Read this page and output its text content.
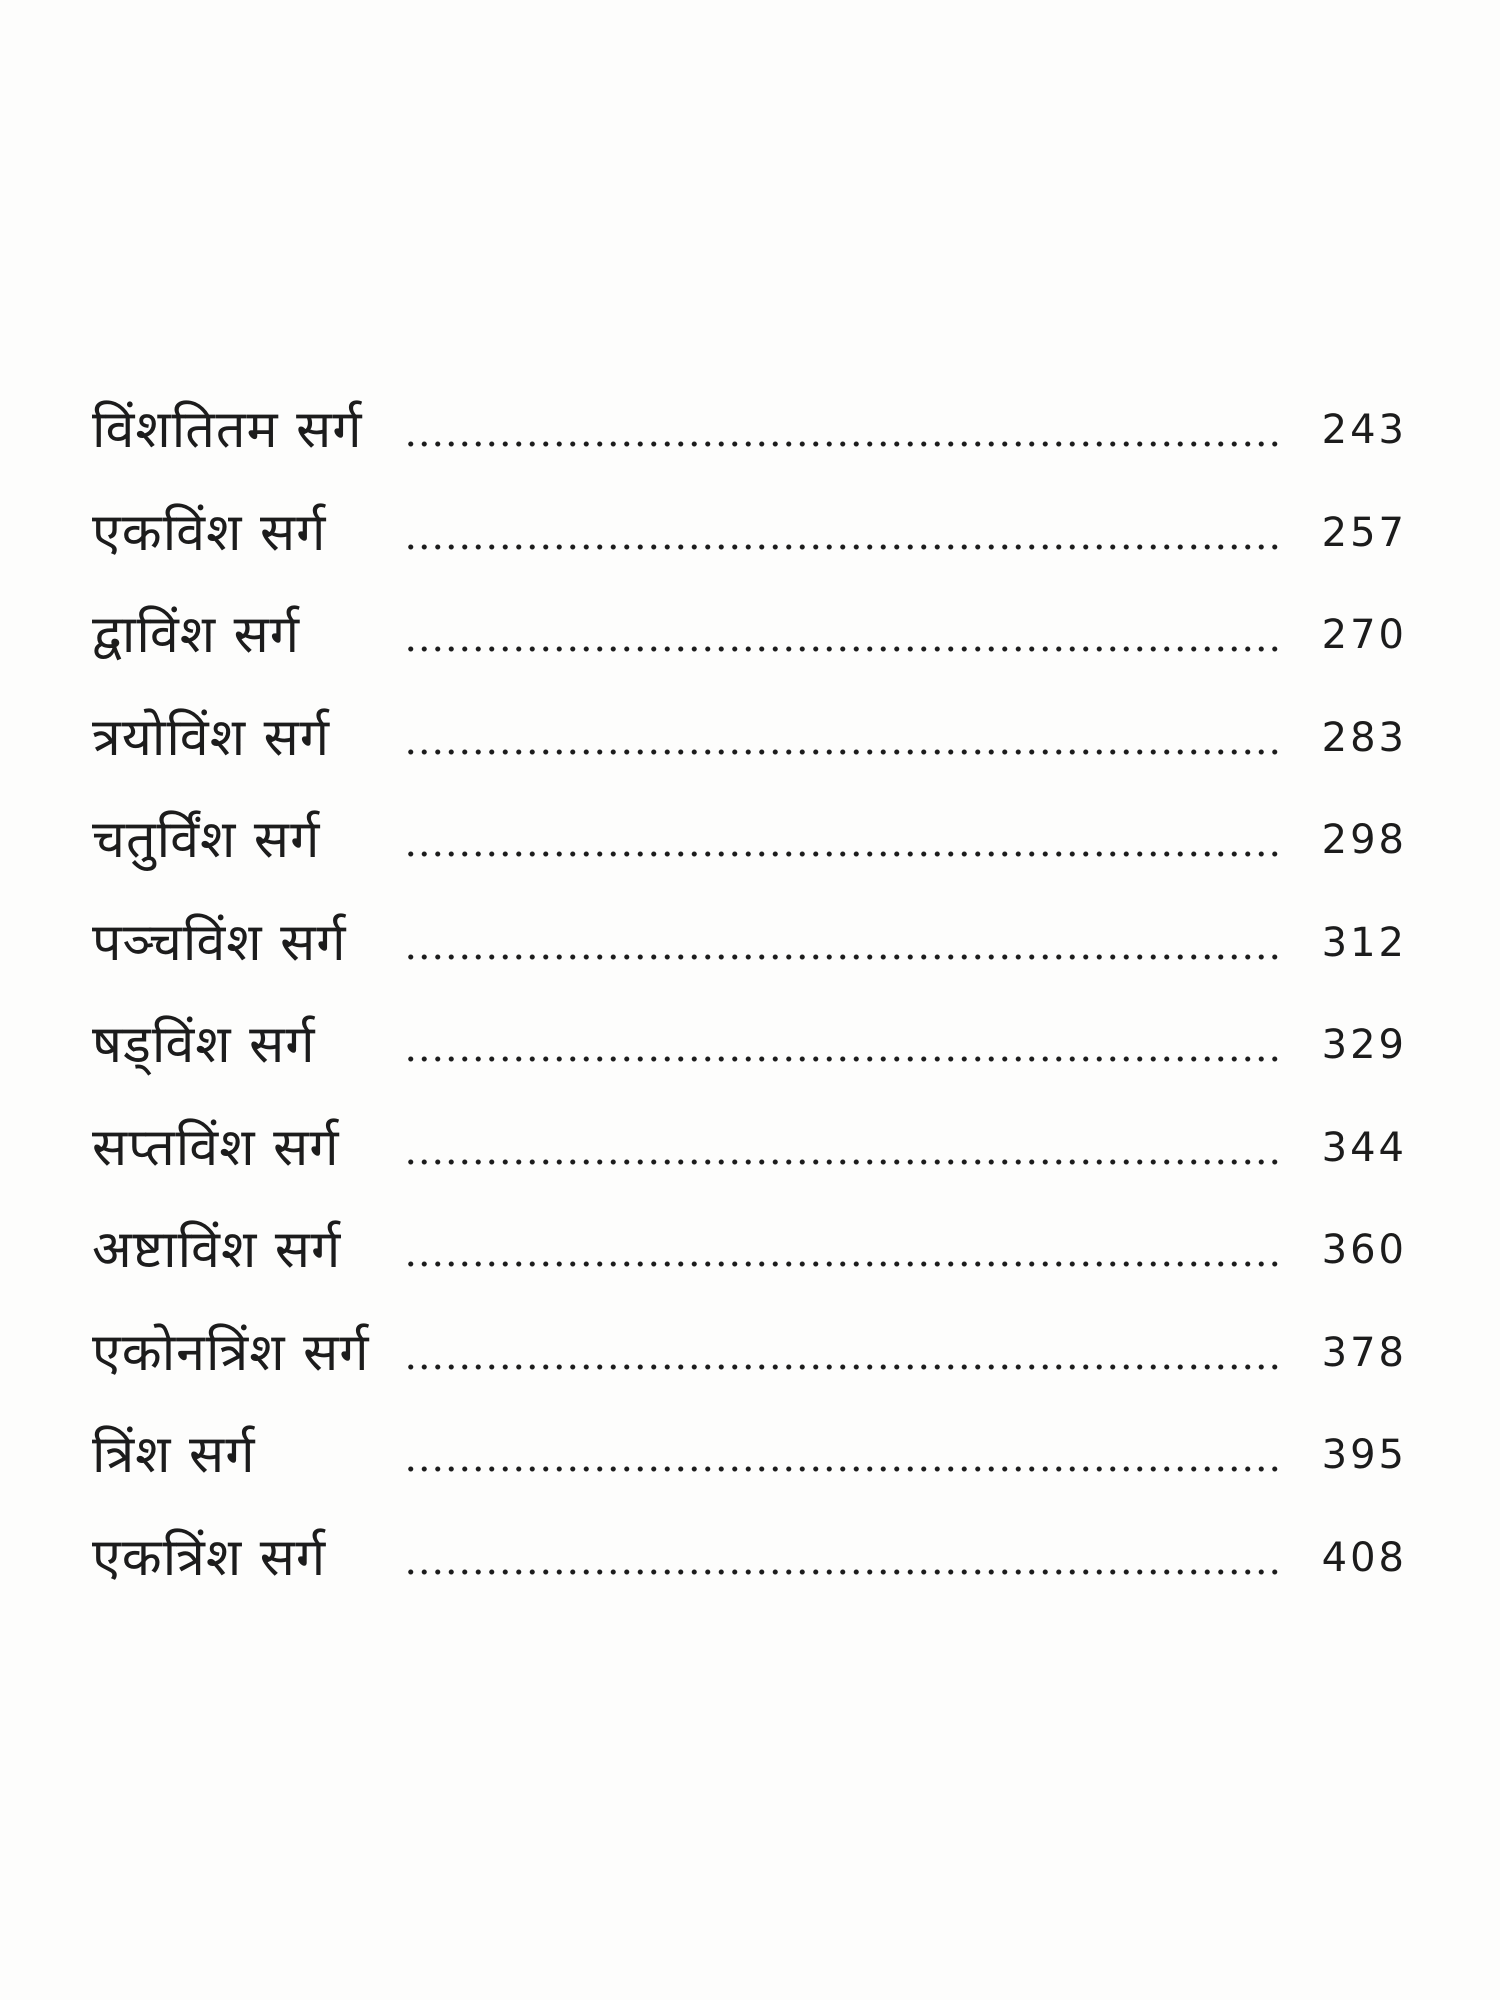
विंशतितम सर्ग	243
एकविंश सर्ग	257
द्वाविंश सर्ग	270
त्रयोविंश सर्ग	283
चतुर्विंश सर्ग	298
पञ्चविंश सर्ग	312
षड्विंश सर्ग	329
सप्तविंश सर्ग	344
अष्टाविंश सर्ग	360
एकोनत्रिंश सर्ग	378
त्रिंश सर्ग	395
एकत्रिंश सर्ग	408
